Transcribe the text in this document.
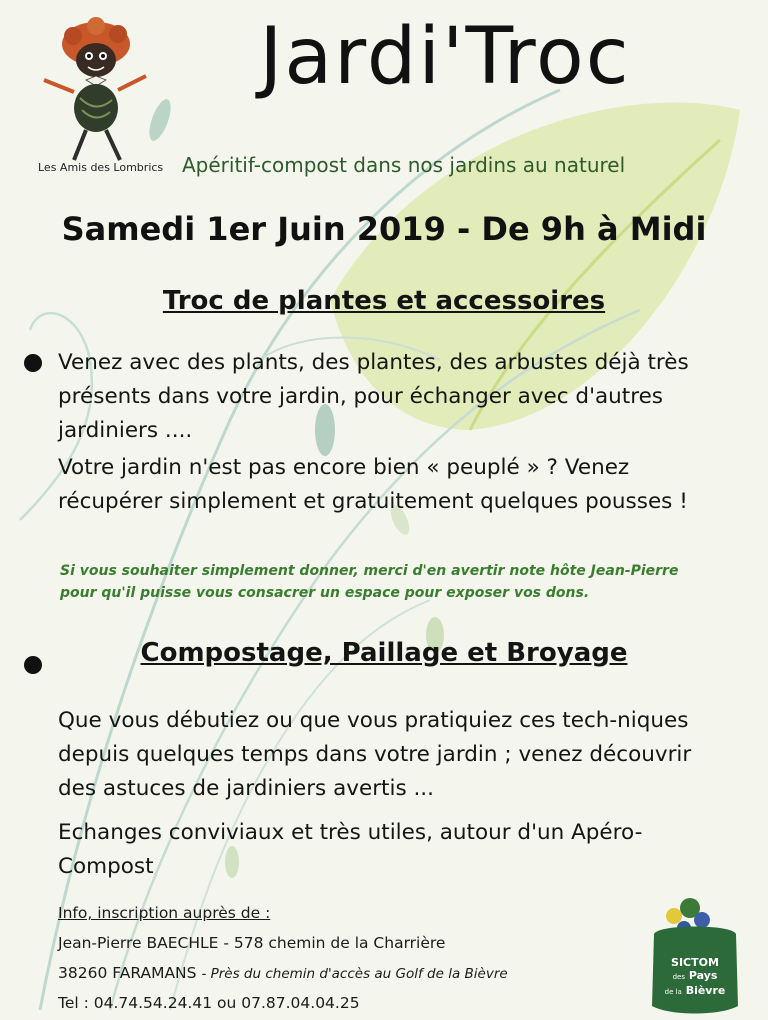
Les Amis des Lombrics
Jardi'Troc
Apéritif-compost dans nos jardins au naturel
Samedi 1er Juin 2019 - De 9h à Midi
Troc de plantes et accessoires
Venez avec des plants, des plantes, des arbustes déjà très présents dans votre jardin, pour échanger avec d'autres jardiniers ....
Votre jardin n'est pas encore bien « peuplé » ? Venez récupérer simplement et gratuitement quelques pousses !
Si vous souhaiter simplement donner, merci d'en avertir note hôte Jean-Pierre pour qu'il puisse vous consacrer un espace pour exposer vos dons.
Compostage, Paillage et Broyage
Que vous débutiez ou que vous pratiquiez ces tech-niques depuis quelques temps dans votre jardin ; venez découvrir des astuces de jardiniers avertis ...
Echanges conviviaux et très utiles, autour d'un Apéro-Compost
Info, inscription auprès de :
Jean-Pierre BAECHLE - 578 chemin de la Charrière
38260 FARAMANS - Près du chemin d'accès au Golf de la Bièvre
Tel : 04.74.54.24.41 ou 07.87.04.04.25
SICTOM
des Pays
de la Bièvre
